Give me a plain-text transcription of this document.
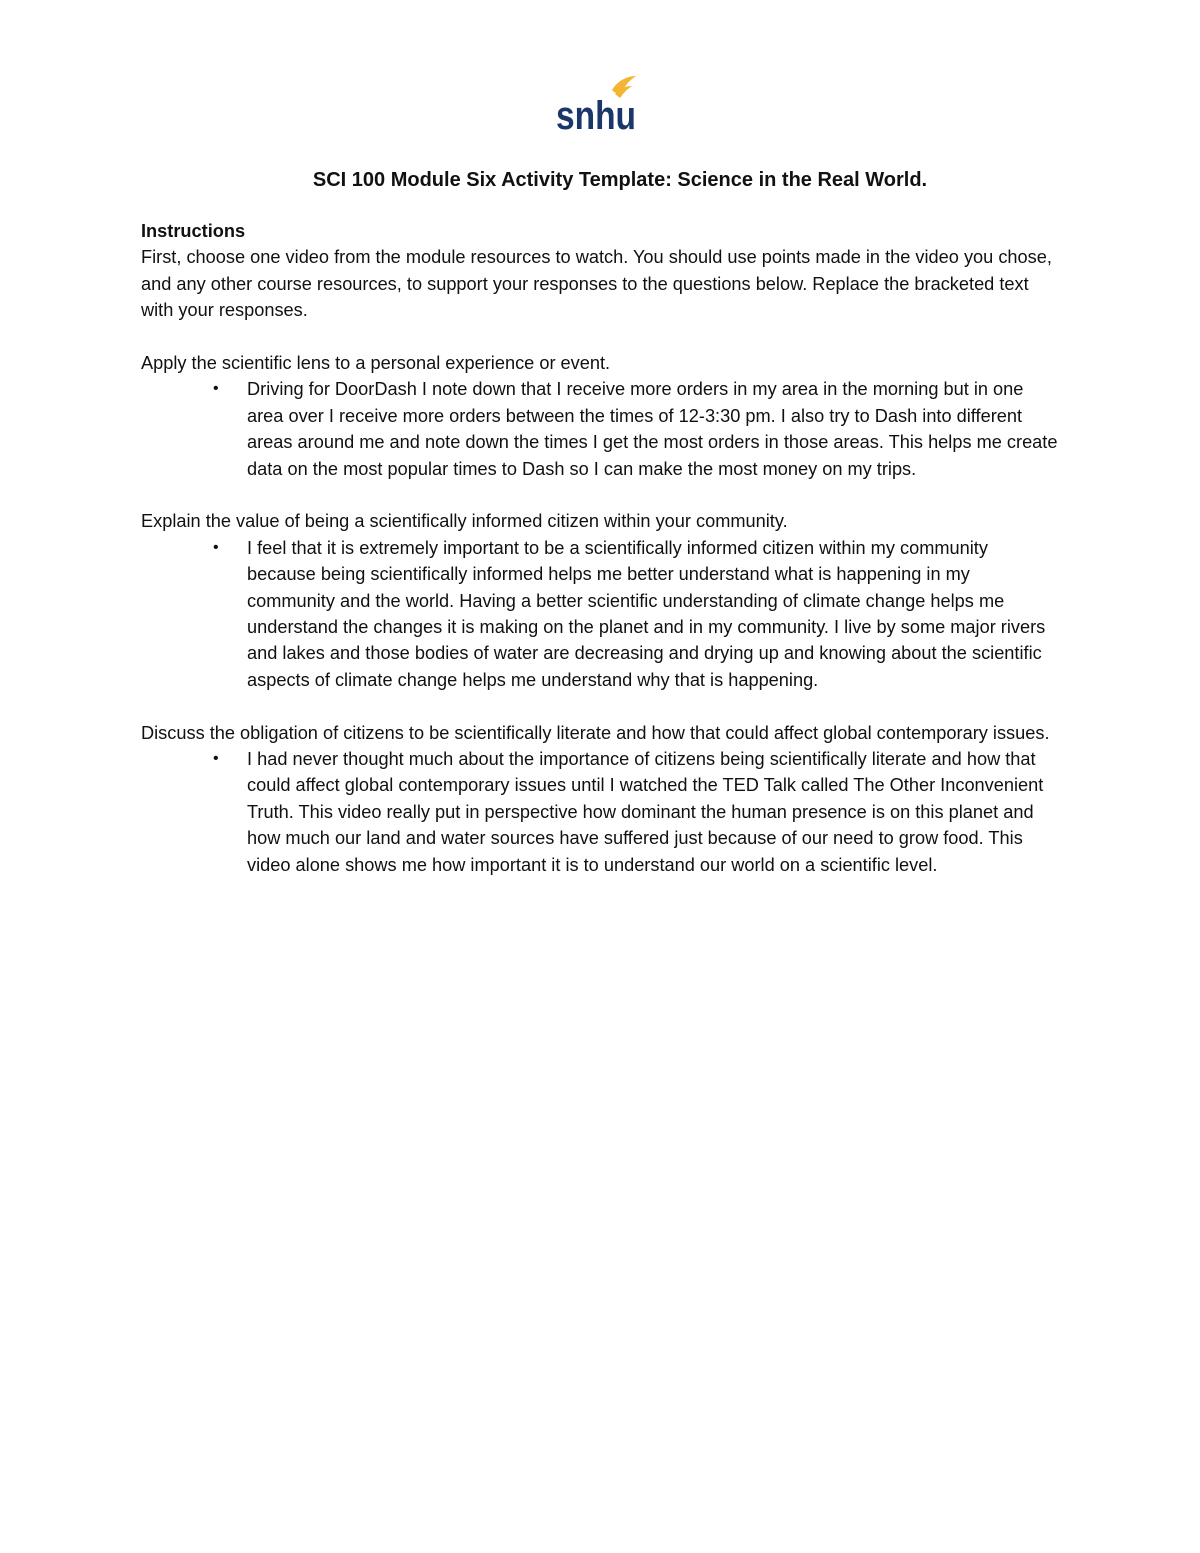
snhu
SCI 100 Module Six Activity Template: Science in the Real World.

Instructions

First, choose one video from the module resources to watch. You should use points made in the video you chose, and any other course resources, to support your responses to the questions below. Replace the bracketed text with your responses.

Apply the scientific lens to a personal experience or event.

• Driving for DoorDash I note down that I receive more orders in my area in the morning but in one area over I receive more orders between the times of 12-3:30 pm. I also try to Dash into different areas around me and note down the times I get the most orders in those areas. This helps me create data on the most popular times to Dash so I can make the most money on my trips.

Explain the value of being a scientifically informed citizen within your community.

• I feel that it is extremely important to be a scientifically informed citizen within my community because being scientifically informed helps me better understand what is happening in my community and the world. Having a better scientific understanding of climate change helps me understand the changes it is making on the planet and in my community. I live by some major rivers and lakes and those bodies of water are decreasing and drying up and knowing about the scientific aspects of climate change helps me understand why that is happening.

Discuss the obligation of citizens to be scientifically literate and how that could affect global contemporary issues.

• I had never thought much about the importance of citizens being scientifically literate and how that could affect global contemporary issues until I watched the TED Talk called The Other Inconvenient Truth. This video really put in perspective how dominant the human presence is on this planet and how much our land and water sources have suffered just because of our need to grow food. This video alone shows me how important it is to understand our world on a scientific level.
